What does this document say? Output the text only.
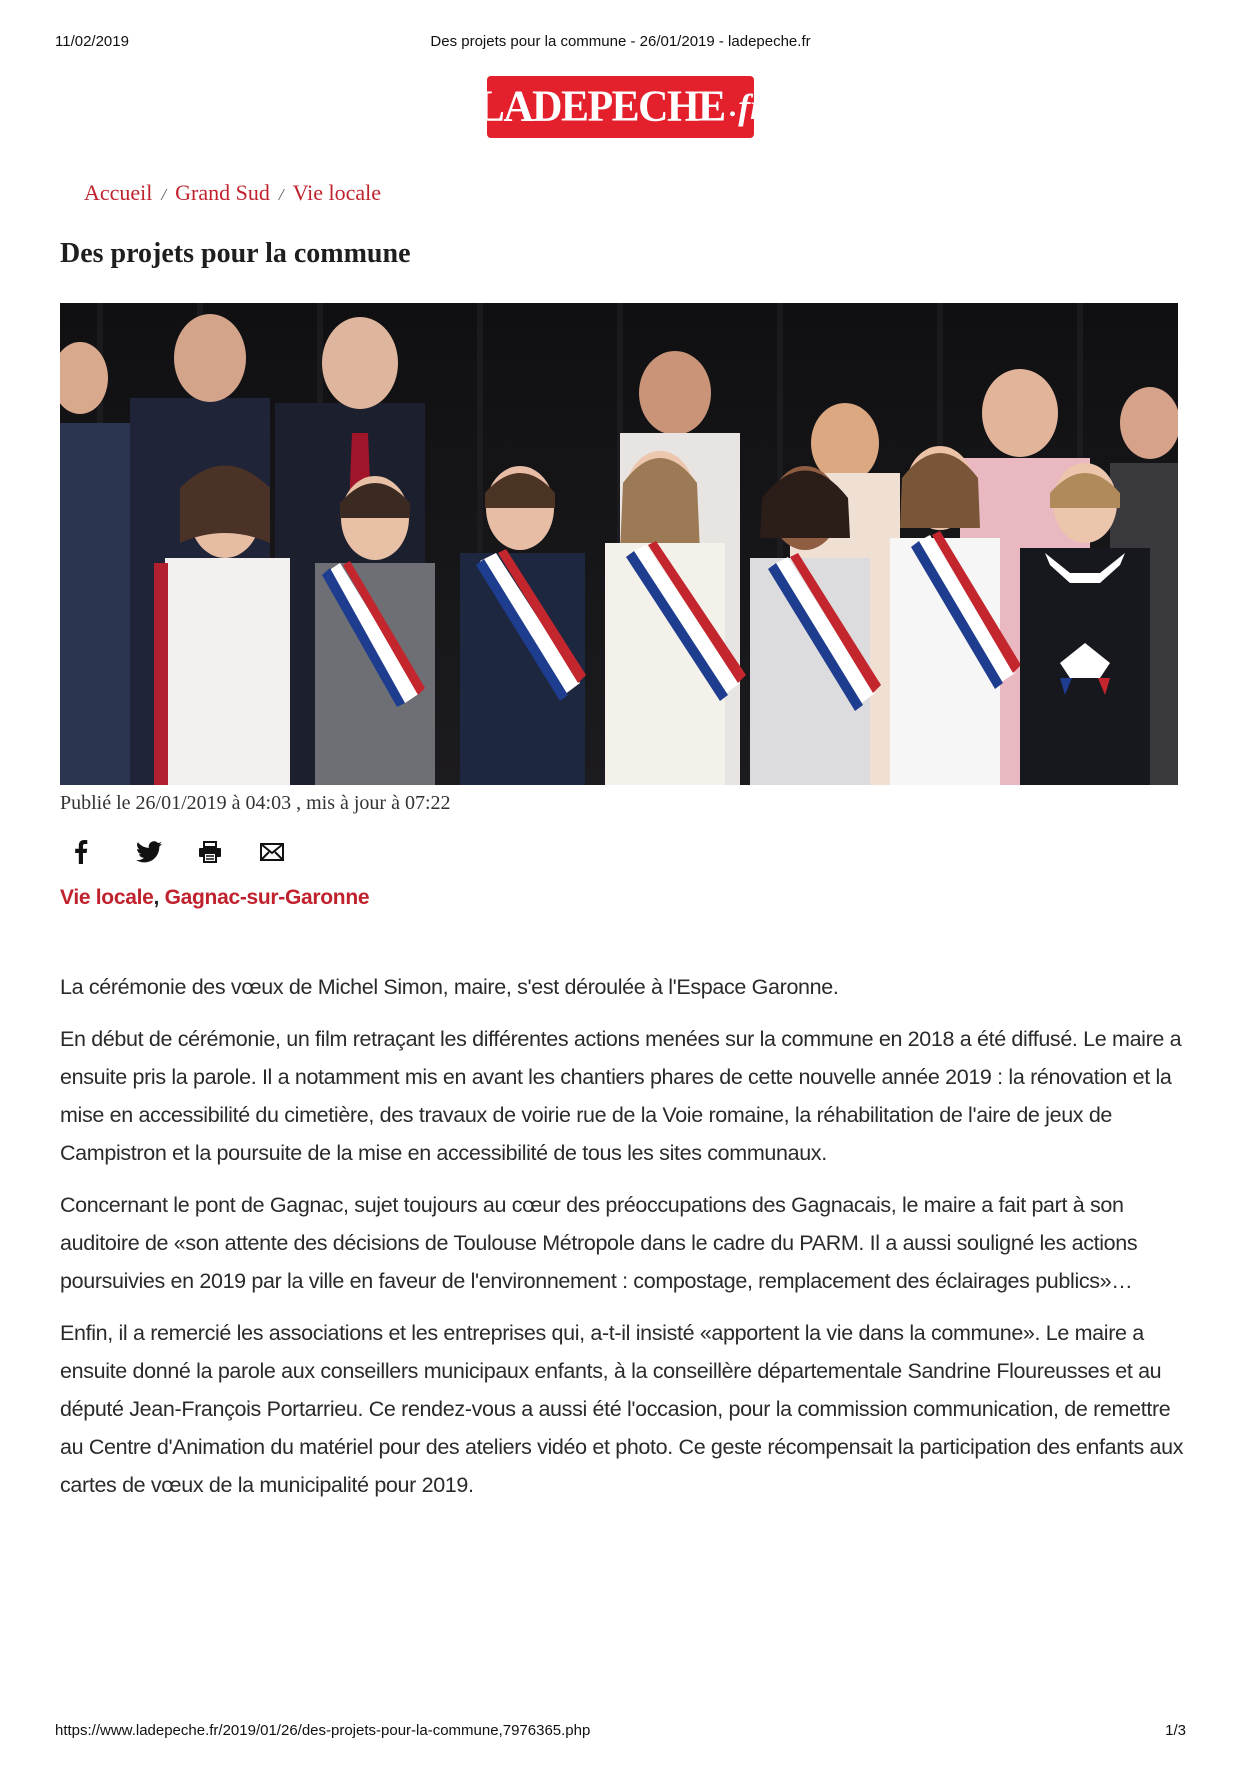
11/02/2019	Des projets pour la commune - 26/01/2019 - ladepeche.fr
LADEPECHE . fr
Accueil / Grand Sud / Vie locale
Des projets pour la commune
Publié le 26/01/2019 à 04:03 , mis à jour à 07:22
Vie locale, Gagnac-sur-Garonne

La cérémonie des vœux de Michel Simon, maire, s'est déroulée à l'Espace Garonne.

En début de cérémonie, un film retraçant les différentes actions menées sur la commune en 2018 a été diffusé. Le maire a ensuite pris la parole. Il a notamment mis en avant les chantiers phares de cette nouvelle année 2019 : la rénovation et la mise en accessibilité du cimetière, des travaux de voirie rue de la Voie romaine, la réhabilitation de l'aire de jeux de Campistron et la poursuite de la mise en accessibilité de tous les sites communaux.

Concernant le pont de Gagnac, sujet toujours au cœur des préoccupations des Gagnacais, le maire a fait part à son auditoire de «son attente des décisions de Toulouse Métropole dans le cadre du PARM. Il a aussi souligné les actions poursuivies en 2019 par la ville en faveur de l'environnement : compostage, remplacement des éclairages publics»…

Enfin, il a remercié les associations et les entreprises qui, a-t-il insisté «apportent la vie dans la commune». Le maire a ensuite donné la parole aux conseillers municipaux enfants, à la conseillère départementale Sandrine Floureusses et au député Jean-François Portarrieu. Ce rendez-vous a aussi été l'occasion, pour la commission communication, de remettre au Centre d'Animation du matériel pour des ateliers vidéo et photo. Ce geste récompensait la participation des enfants aux cartes de vœux de la municipalité pour 2019.

https://www.ladepeche.fr/2019/01/26/des-projets-pour-la-commune,7976365.php	1/3
